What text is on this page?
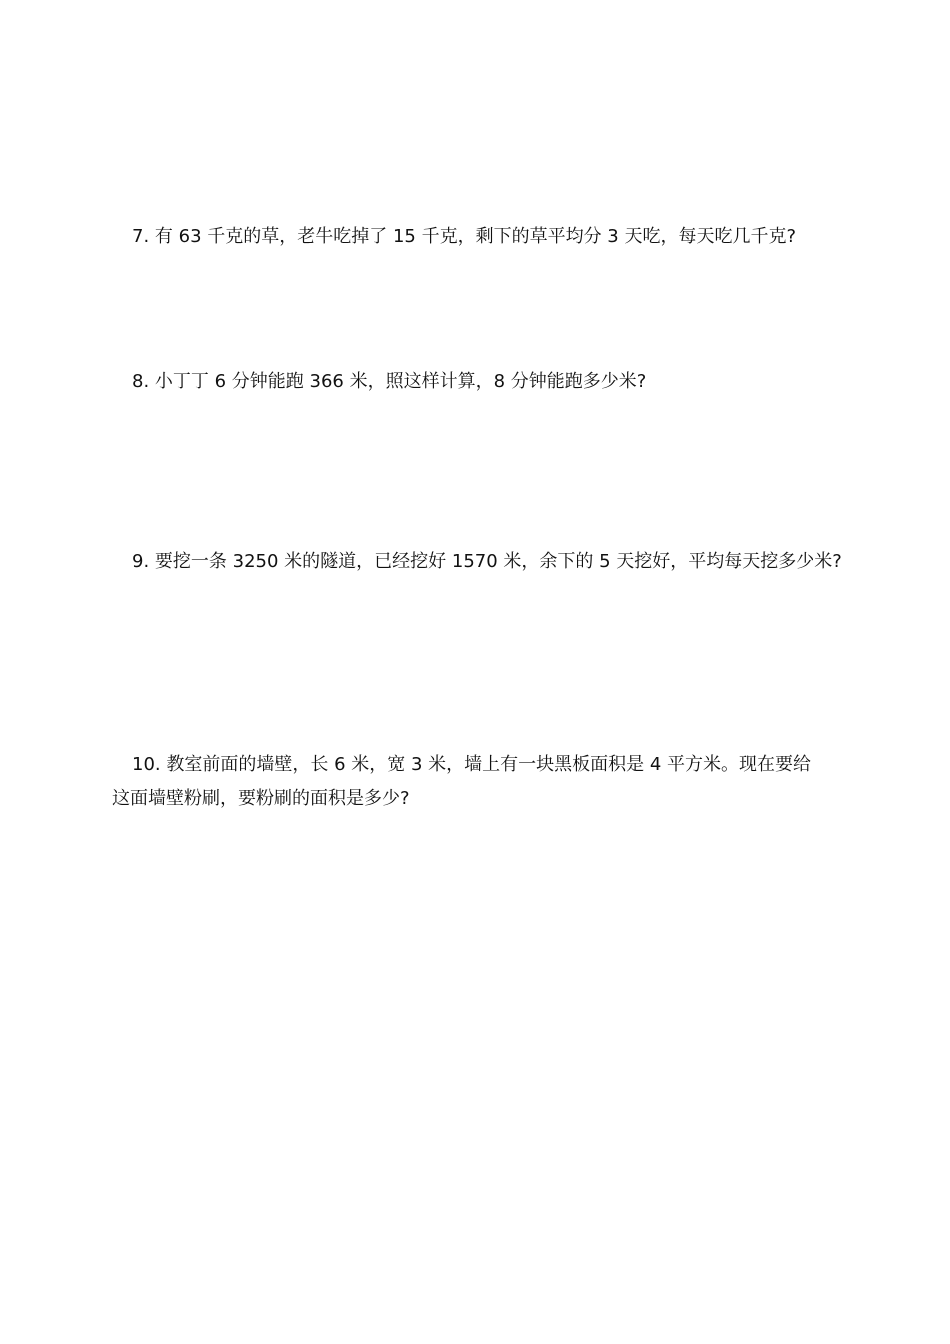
7. 有 63 千克的草，老牛吃掉了 15 千克，剩下的草平均分 3 天吃，每天吃几千克?
8. 小丁丁 6 分钟能跑 366 米，照这样计算，8 分钟能跑多少米?
9. 要挖一条 3250 米的隧道，已经挖好 1570 米，余下的 5 天挖好，平均每天挖多少米?
10. 教室前面的墙壁，长 6 米，宽 3 米，墙上有一块黑板面积是 4 平方米。现在要给
这面墙壁粉刷，要粉刷的面积是多少?
